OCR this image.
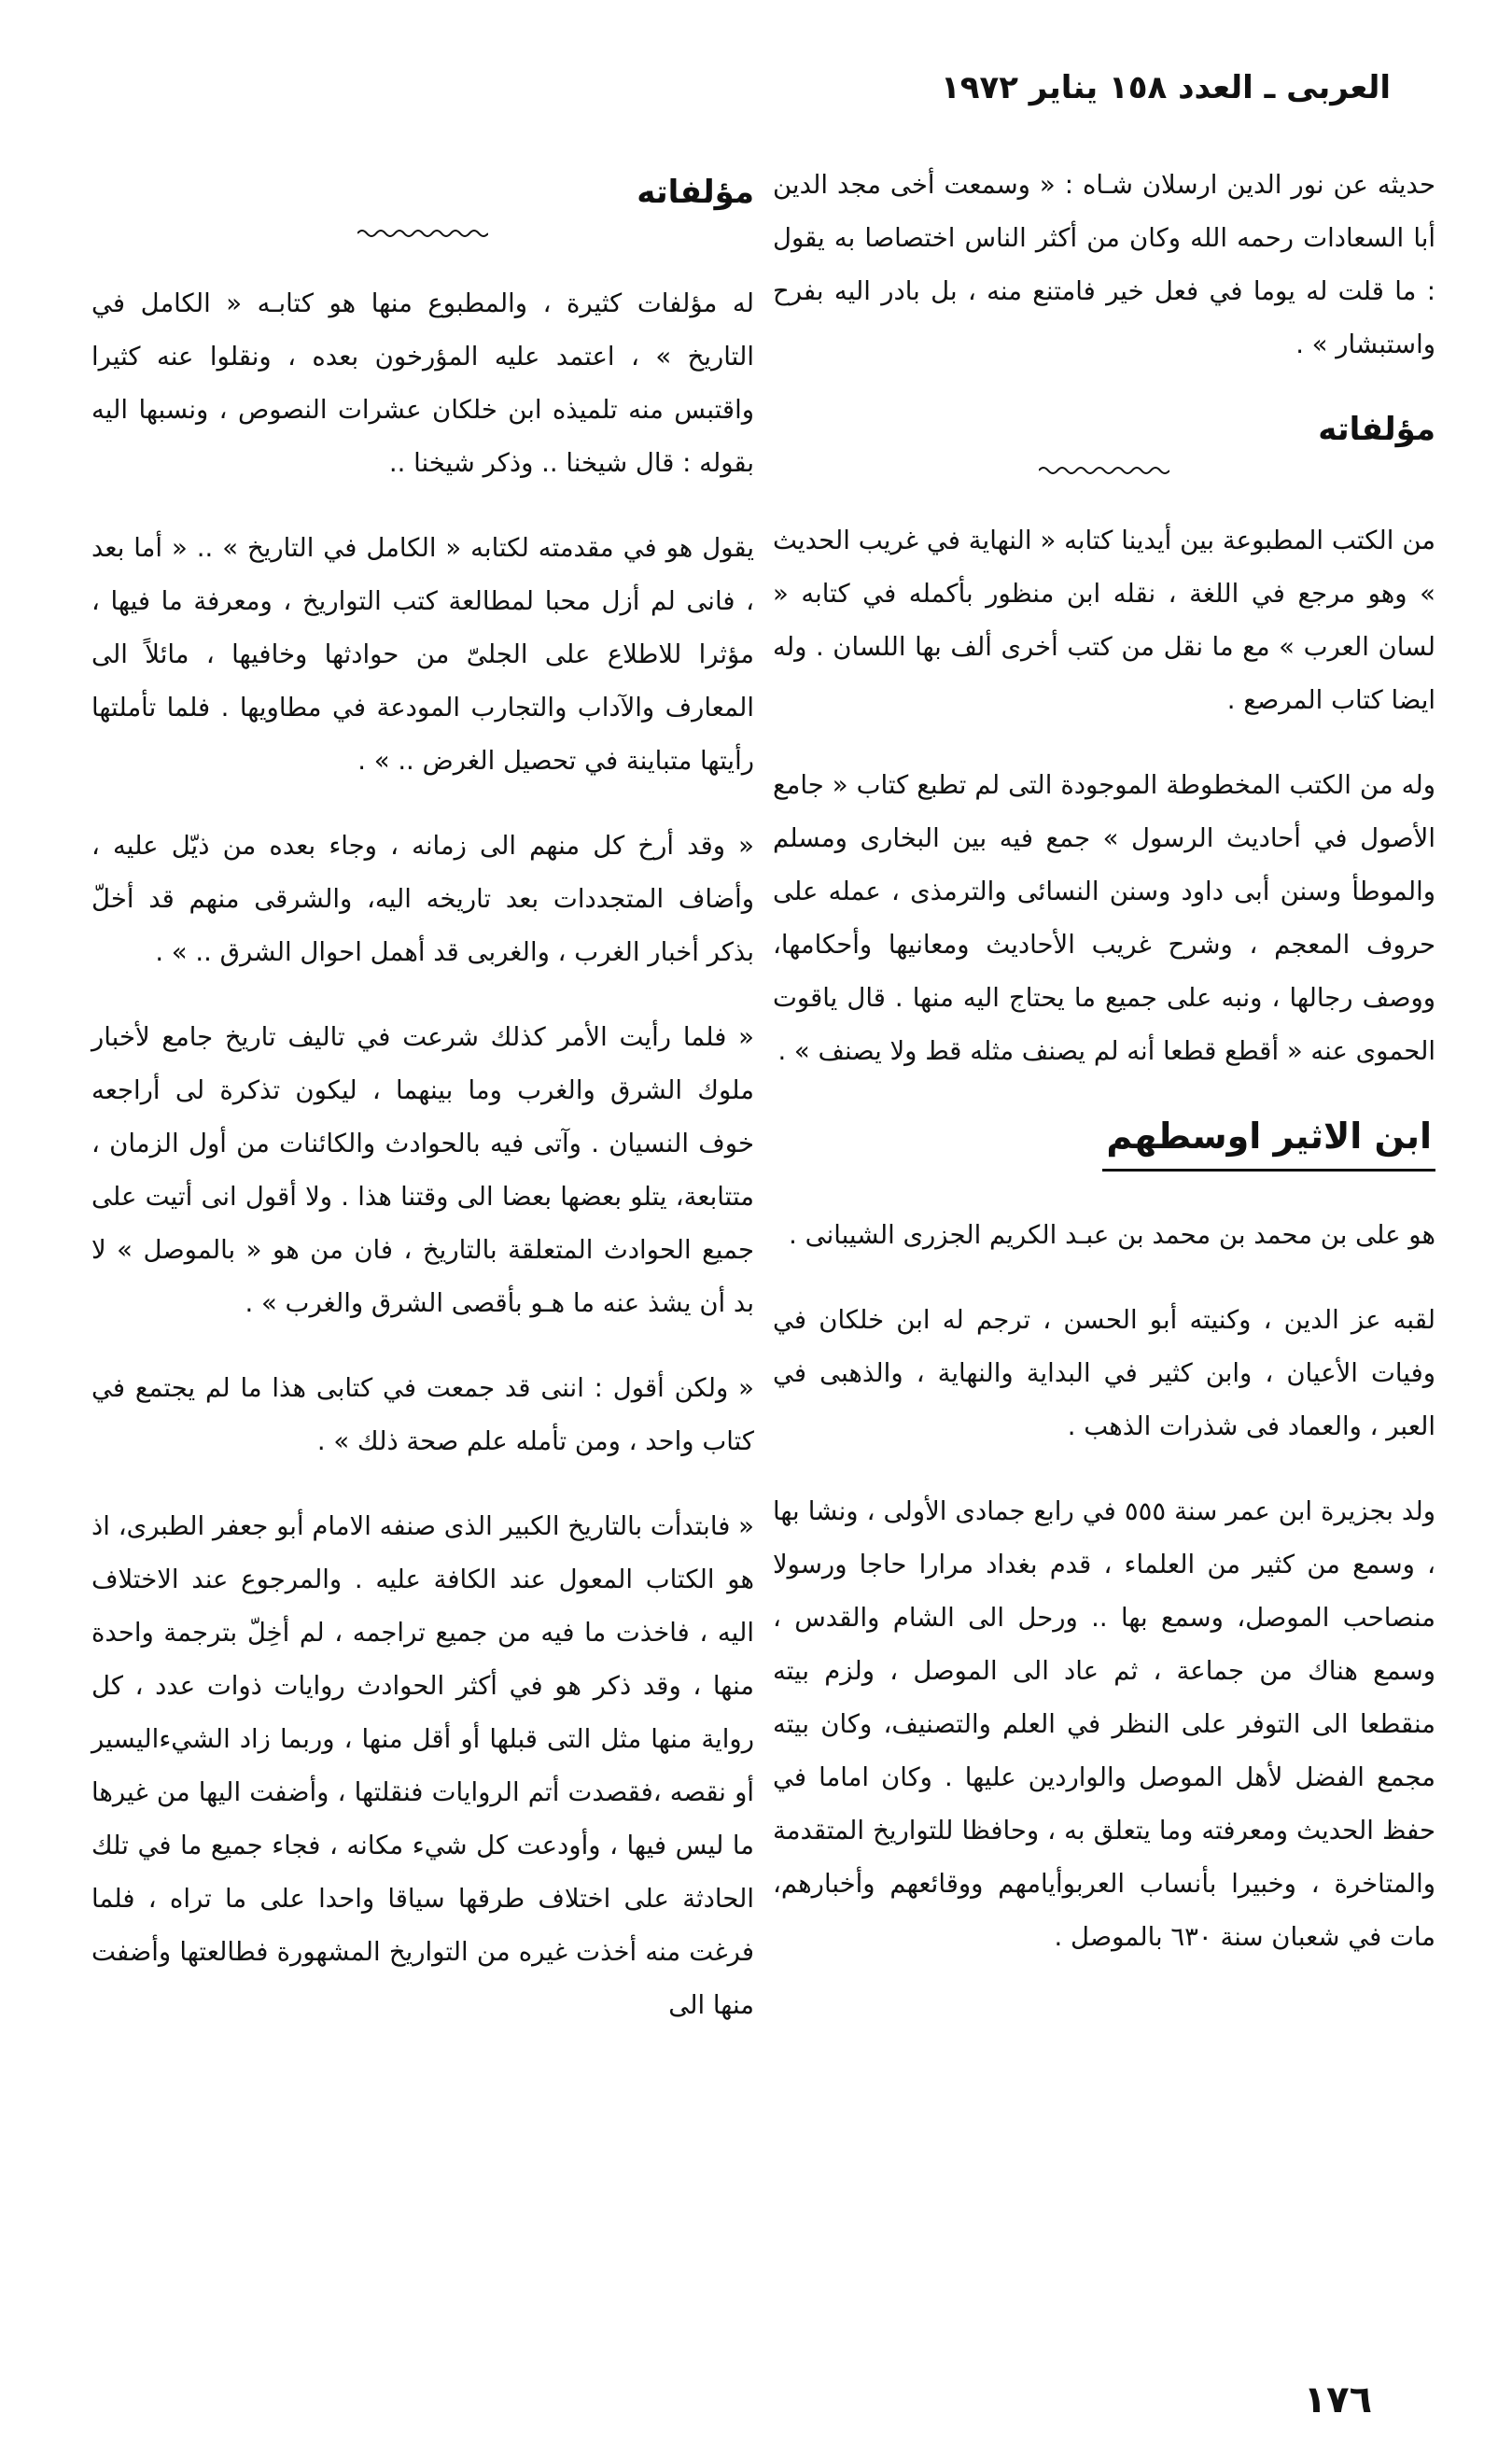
العربى ـ العدد ١٥٨ يناير ١٩٧٢

حديثه عن نور الدين ارسلان شـاه : « وسمعت أخى مجد الدين أبا السعادات رحمه الله وكان من أكثر الناس اختصاصا به يقول : ما قلت له يوما في فعل خير فامتنع منه ، بل بادر اليه بفرح واستبشار » .

مؤلفاته

من الكتب المطبوعة بين أيدينا كتابه « النهاية في غريب الحديث » وهو مرجع في اللغة ، نقله ابن منظور بأكمله في كتابه « لسان العرب » مع ما نقل من كتب أخرى ألف بها اللسان . وله ايضا كتاب المرصع .

وله من الكتب المخطوطة الموجودة التى لم تطبع كتاب « جامع الأصول في أحاديث الرسول » جمع فيه بين البخارى ومسلم والموطأ وسنن أبى داود وسنن النسائى والترمذى ، عمله على حروف المعجم ، وشرح غريب الأحاديث ومعانيها وأحكامها، ووصف رجالها ، ونبه على جميع ما يحتاج اليه منها . قال ياقوت الحموى عنه « أقطع قطعا أنه لم يصنف مثله قط ولا يصنف » .

ابن الاثير اوسطهم

هو على بن محمد بن محمد بن عبـد الكريم الجزرى الشيبانى .

لقبه عز الدين ، وكنيته أبو الحسن ، ترجم له ابن خلكان في وفيات الأعيان ، وابن كثير في البداية والنهاية ، والذهبى في العبر ، والعماد فى شذرات الذهب .

ولد بجزيرة ابن عمر سنة ٥٥٥ في رابع جمادى الأولى ، ونشا بها ، وسمع من كثير من العلماء ، قدم بغداد مرارا حاجا ورسولا منصاحب الموصل، وسمع بها .. ورحل الى الشام والقدس ، وسمع هناك من جماعة ، ثم عاد الى الموصل ، ولزم بيته منقطعا الى التوفر على النظر في العلم والتصنيف، وكان بيته مجمع الفضل لأهل الموصل والواردين عليها . وكان اماما في حفظ الحديث ومعرفته وما يتعلق به ، وحافظا للتواريخ المتقدمة والمتاخرة ، وخبيرا بأنساب العربوأيامهم ووقائعهم وأخبارهم، مات في شعبان سنة ٦٣٠ بالموصل .

مؤلفاته

له مؤلفات كثيرة ، والمطبوع منها هو كتابـه « الكامل في التاريخ » ، اعتمد عليه المؤرخون بعده ، ونقلوا عنه كثيرا واقتبس منه تلميذه ابن خلكان عشرات النصوص ، ونسبها اليه بقوله : قال شيخنا .. وذكر شيخنا ..

يقول هو في مقدمته لكتابه « الكامل في التاريخ » .. « أما بعد ، فانى لم أزل محبا لمطالعة كتب التواريخ ، ومعرفة ما فيها ، مؤثرا للاطلاع على الجلىّ من حوادثها وخافيها ، مائلاً الى المعارف والآداب والتجارب المودعة في مطاويها . فلما تأملتها رأيتها متباينة في تحصيل الغرض .. » .

« وقد أرخ كل منهم الى زمانه ، وجاء بعده من ذيّل عليه ، وأضاف المتجددات بعد تاريخه اليه، والشرقى منهم قد أخلّ بذكر أخبار الغرب ، والغربى قد أهمل احوال الشرق .. » .

« فلما رأيت الأمر كذلك شرعت في تاليف تاريخ جامع لأخبار ملوك الشرق والغرب وما بينهما ، ليكون تذكرة لى أراجعه خوف النسيان . وآتى فيه بالحوادث والكائنات من أول الزمان ، متتابعة، يتلو بعضها بعضا الى وقتنا هذا . ولا أقول انى أتيت على جميع الحوادث المتعلقة بالتاريخ ، فان من هو « بالموصل » لا بد أن يشذ عنه ما هـو بأقصى الشرق والغرب » .

« ولكن أقول : اننى قد جمعت في كتابى هذا ما لم يجتمع في كتاب واحد ، ومن تأمله علم صحة ذلك » .

« فابتدأت بالتاريخ الكبير الذى صنفه الامام أبو جعفر الطبرى، اذ هو الكتاب المعول عند الكافة عليه . والمرجوع عند الاختلاف اليه ، فاخذت ما فيه من جميع تراجمه ، لم أخِلّ بترجمة واحدة منها ، وقد ذكر هو في أكثر الحوادث روايات ذوات عدد ، كل رواية منها مثل التى قبلها أو أقل منها ، وربما زاد الشيءاليسير أو نقصه ،فقصدت أتم الروايات فنقلتها ، وأضفت اليها من غيرها ما ليس فيها ، وأودعت كل شيء مكانه ، فجاء جميع ما في تلك الحادثة على اختلاف طرقها سياقا واحدا على ما تراه ، فلما فرغت منه أخذت غيره من التواريخ المشهورة فطالعتها وأضفت منها الى

١٧٦
